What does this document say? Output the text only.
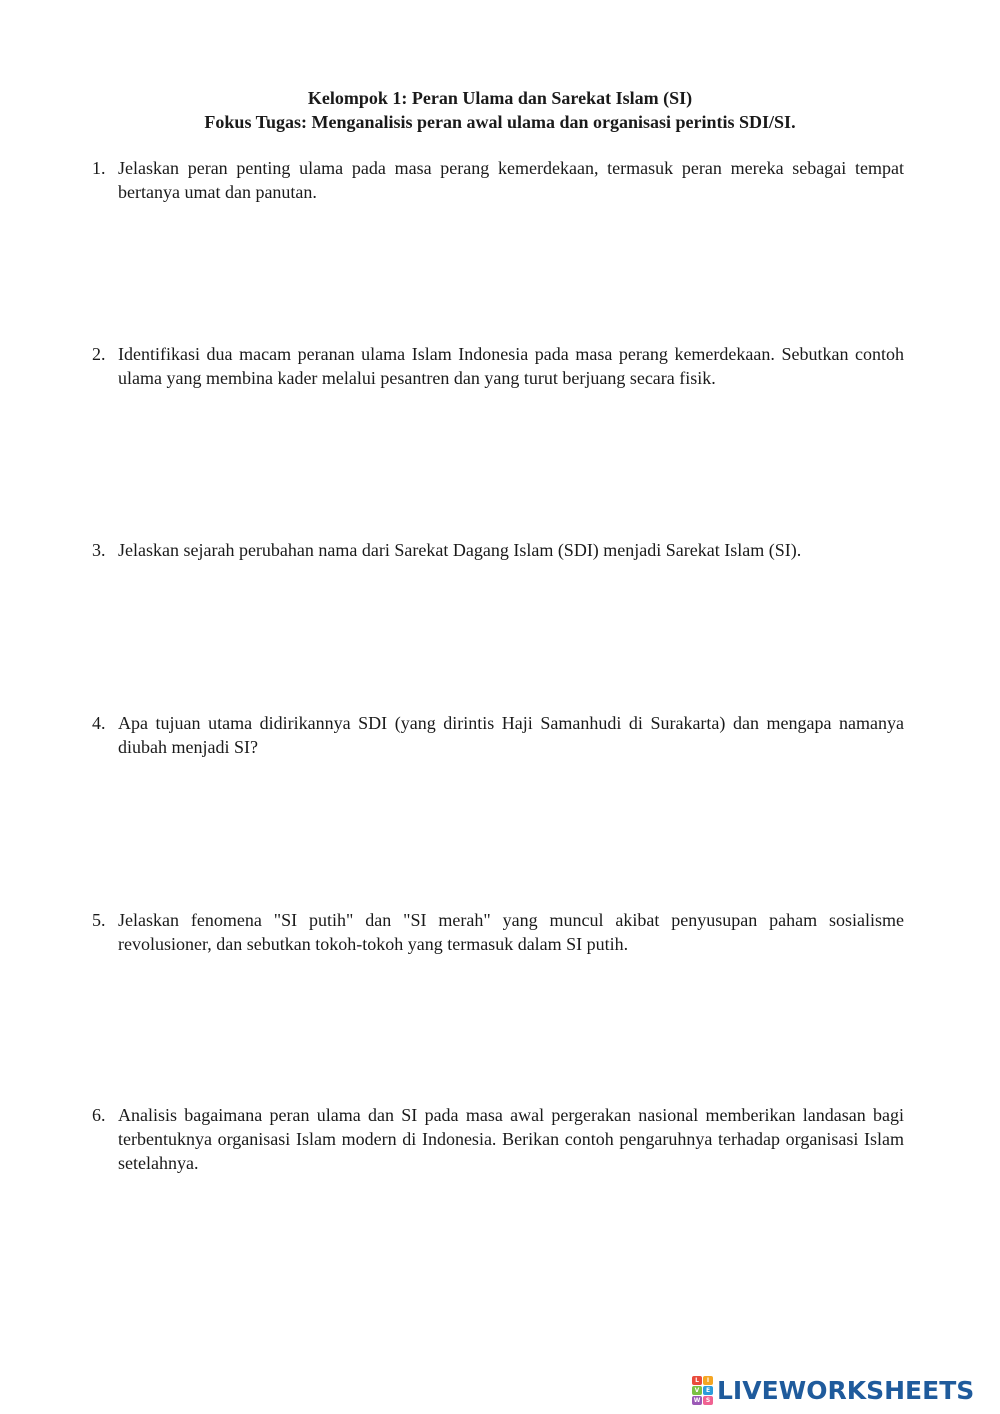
Kelompok 1: Peran Ulama dan Sarekat Islam (SI)
Fokus Tugas: Menganalisis peran awal ulama dan organisasi perintis SDI/SI.
1. Jelaskan peran penting ulama pada masa perang kemerdekaan, termasuk peran mereka sebagai tempat bertanya umat dan panutan.
2. Identifikasi dua macam peranan ulama Islam Indonesia pada masa perang kemerdekaan. Sebutkan contoh ulama yang membina kader melalui pesantren dan yang turut berjuang secara fisik.
3. Jelaskan sejarah perubahan nama dari Sarekat Dagang Islam (SDI) menjadi Sarekat Islam (SI).
4. Apa tujuan utama didirikannya SDI (yang dirintis Haji Samanhudi di Surakarta) dan mengapa namanya diubah menjadi SI?
5. Jelaskan fenomena "SI putih" dan "SI merah" yang muncul akibat penyusupan paham sosialisme revolusioner, dan sebutkan tokoh-tokoh yang termasuk dalam SI putih.
6. Analisis bagaimana peran ulama dan SI pada masa awal pergerakan nasional memberikan landasan bagi terbentuknya organisasi Islam modern di Indonesia. Berikan contoh pengaruhnya terhadap organisasi Islam setelahnya.
L	I
V	E
W S LIVEWORKSHEETS
